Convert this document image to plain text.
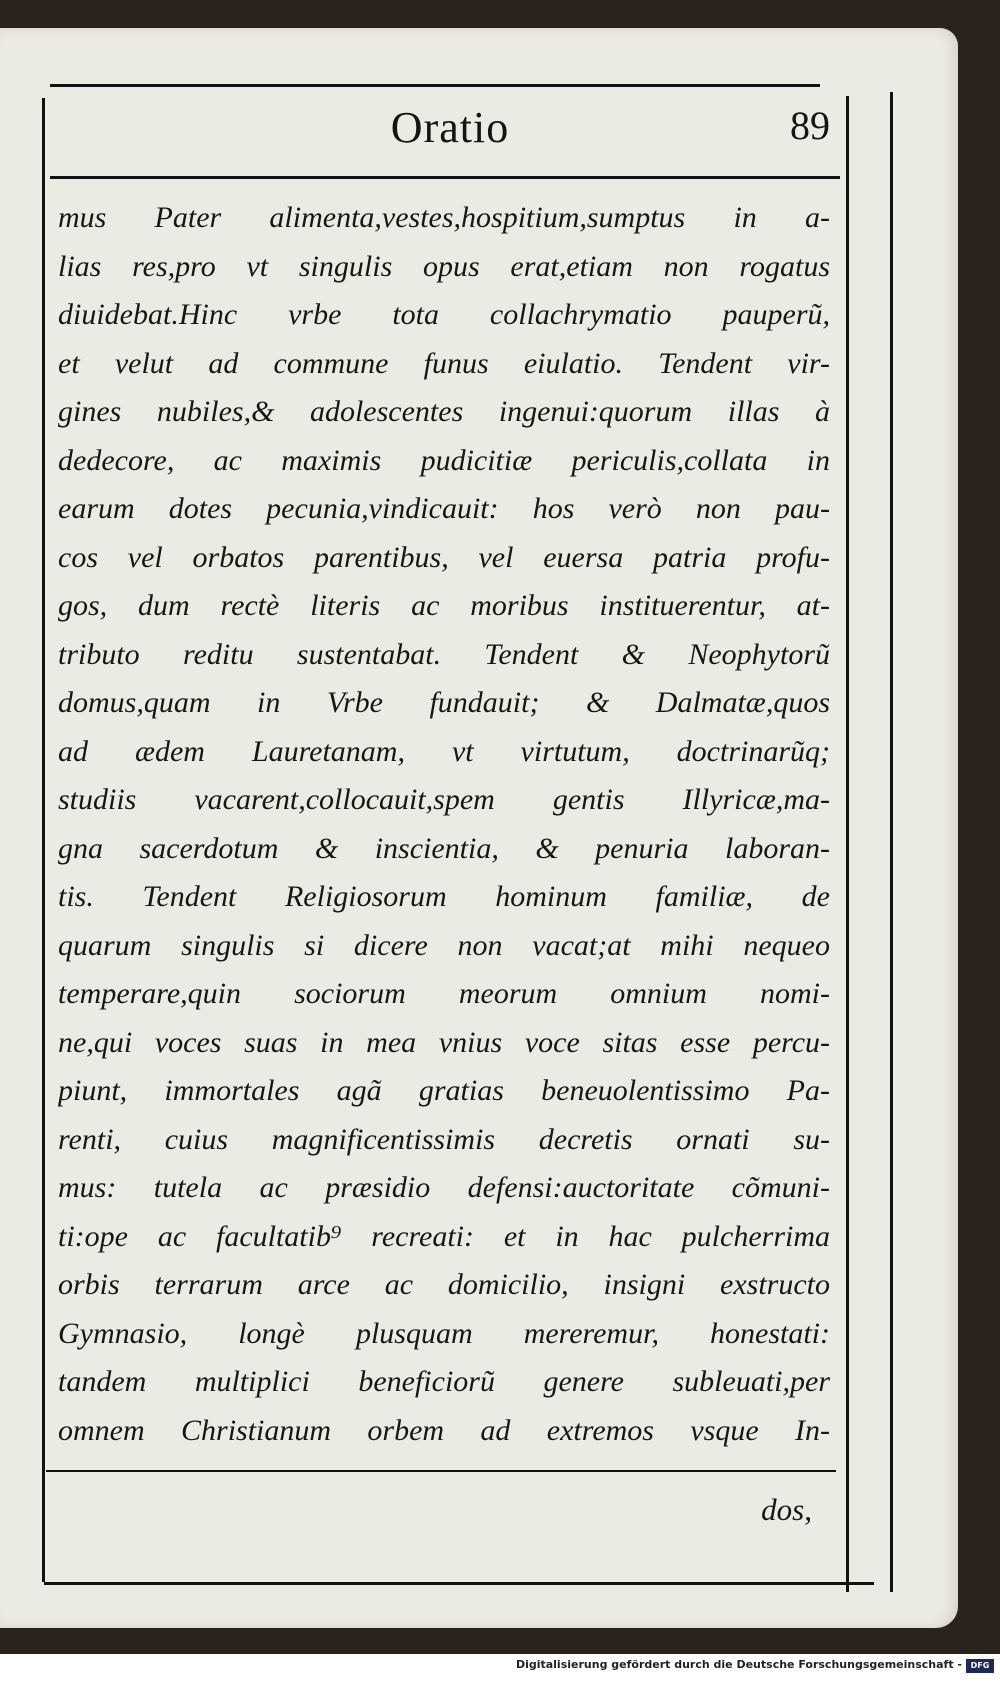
Oratio	89
mus Pater alimenta,vestes,hospitium,sumptus in a-
lias res,pro vt singulis opus erat,etiam non rogatus
diuidebat.Hinc vrbe tota collachrymatio pauperũ,
et velut ad commune funus eiulatio. Tendent vir-
gines nubiles,& adolescentes ingenui:quorum illas à
dedecore, ac maximis pudicitiæ periculis,collata in
earum dotes pecunia,vindicauit: hos verò non pau-
cos vel orbatos parentibus, vel euersa patria profu-
gos, dum rectè literis ac moribus instituerentur, at-
tributo reditu sustentabat. Tendent & Neophytorũ
domus,quam in Vrbe fundauit; & Dalmatæ,quos
ad ædem Lauretanam, vt virtutum, doctrinarũq;
studiis vacarent,collocauit,spem gentis Illyricæ,ma-
gna sacerdotum & inscientia, & penuria laboran-
tis. Tendent Religiosorum hominum familiæ, de
quarum singulis si dicere non vacat;at mihi nequeo
temperare,quin sociorum meorum omnium nomi-
ne,qui voces suas in mea vnius voce sitas esse percu-
piunt, immortales agã gratias beneuolentissimo Pa-
renti, cuius magnificentissimis decretis ornati su-
mus: tutela ac præsidio defensi:auctoritate cõmuni-
ti:ope ac facultatib⁹ recreati: et in hac pulcherrima
orbis terrarum arce ac domicilio, insigni exstructo
Gymnasio, longè plusquam mereremur, honestati:
tandem multiplici beneficiorũ genere subleuati,per
omnem Christianum orbem ad extremos vsque In-
dos,
Digitalisierung gefördert durch die Deutsche Forschungsgemeinschaft -	DFG
